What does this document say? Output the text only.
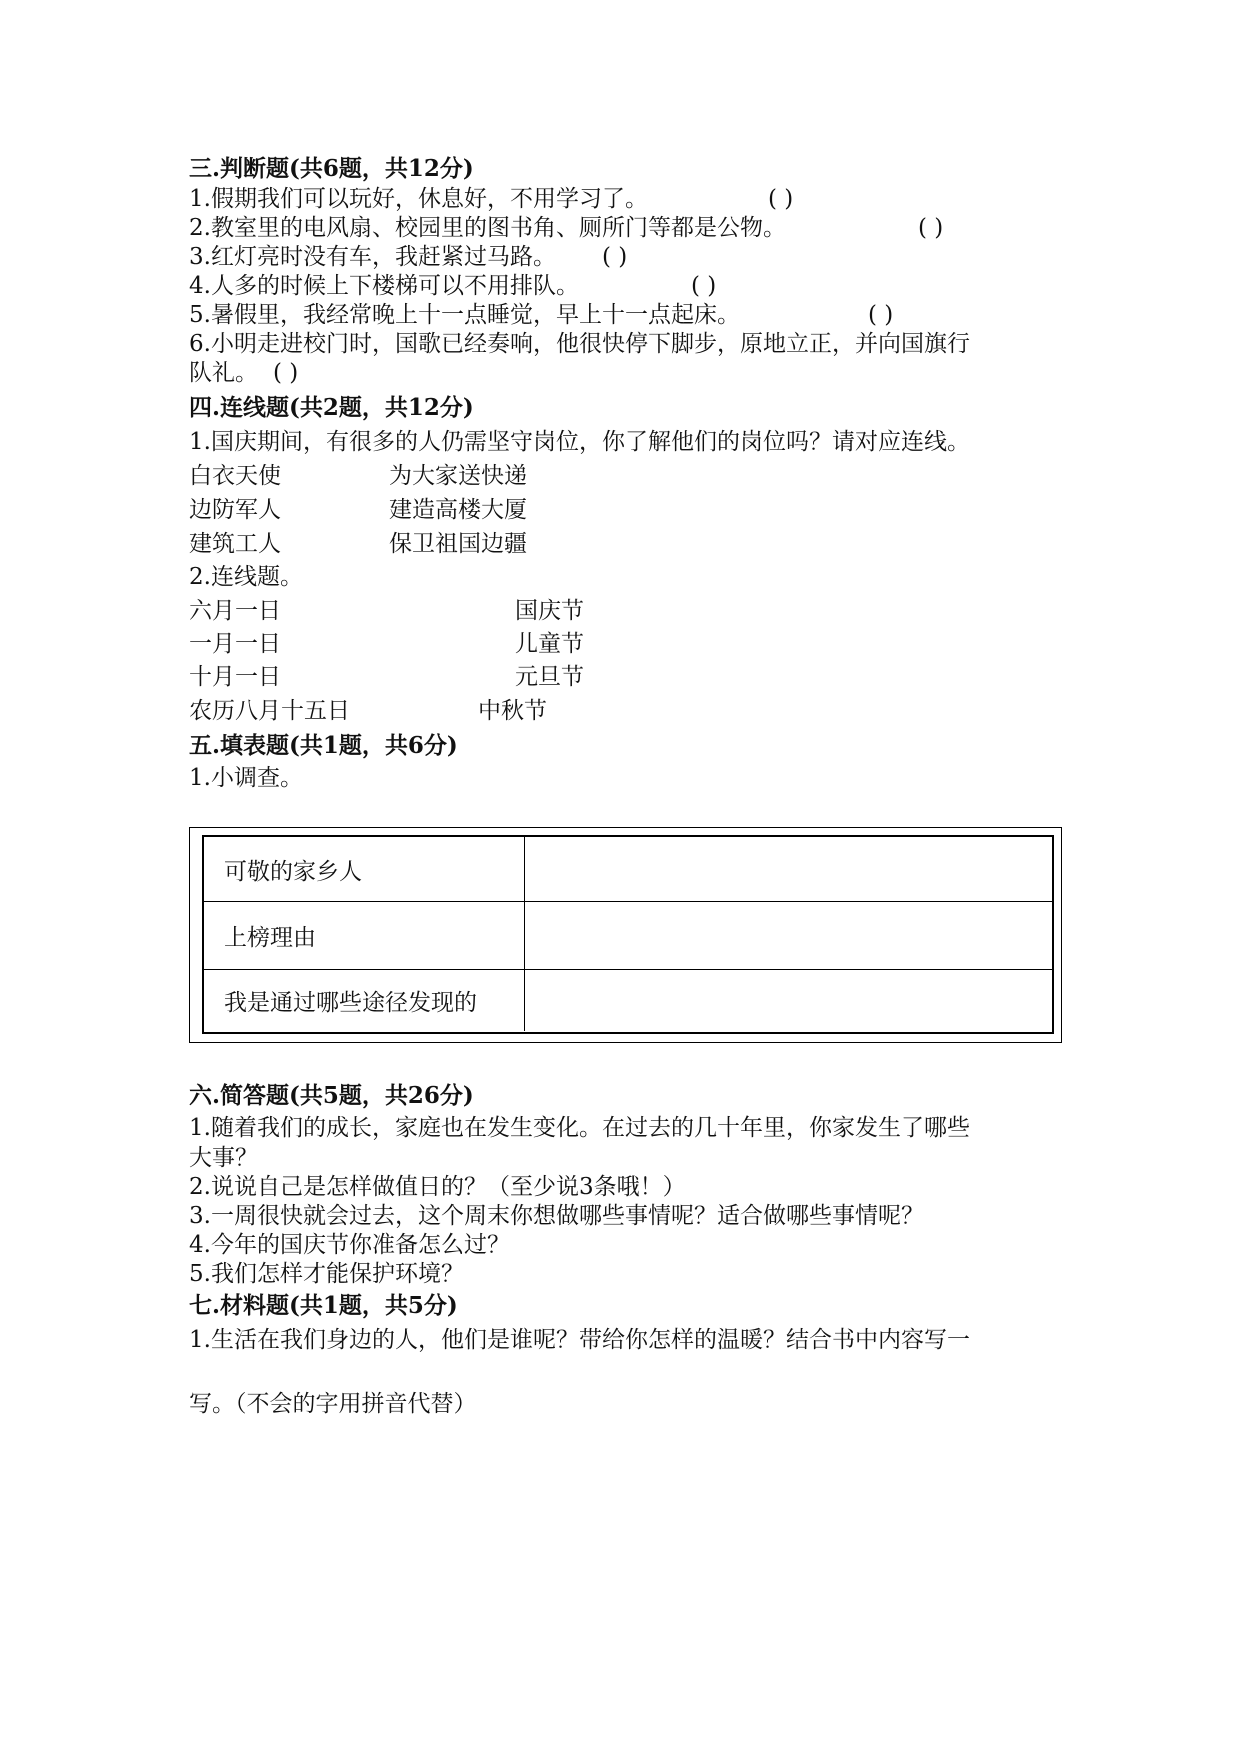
三.判断题(共6题，共12分)
1.假期我们可以玩好，休息好，不用学习了。	( )
2.教室里的电风扇、校园里的图书角、厕所门等都是公物。	( )
3.红灯亮时没有车，我赶紧过马路。 ( )
4.人多的时候上下楼梯可以不用排队。	( )
5.暑假里，我经常晚上十一点睡觉，早上十一点起床。	( )
6.小明走进校门时，国歌已经奏响，他很快停下脚步，原地立正，并向国旗行
队礼。 ( )
四.连线题(共2题，共12分)
1.国庆期间，有很多的人仍需坚守岗位，你了解他们的岗位吗？请对应连线。
白衣天使	为大家送快递
边防军人	建造高楼大厦
建筑工人	保卫祖国边疆
2.连线题。
六月一日	国庆节
一月一日	儿童节
十月一日	元旦节
农历八月十五日	中秋节
五.填表题(共1题，共6分)
1.小调查。
可敬的家乡人
上榜理由
我是通过哪些途径发现的
六.简答题(共5题，共26分)
1.随着我们的成长，家庭也在发生变化。在过去的几十年里，你家发生了哪些
大事？
2.说说自己是怎样做值日的？（至少说3条哦！）
3.一周很快就会过去，这个周末你想做哪些事情呢？适合做哪些事情呢？
4.今年的国庆节你准备怎么过？
5.我们怎样才能保护环境？
七.材料题(共1题，共5分)
1.生活在我们身边的人，他们是谁呢？带给你怎样的温暖？结合书中内容写一
写。（不会的字用拼音代替）
